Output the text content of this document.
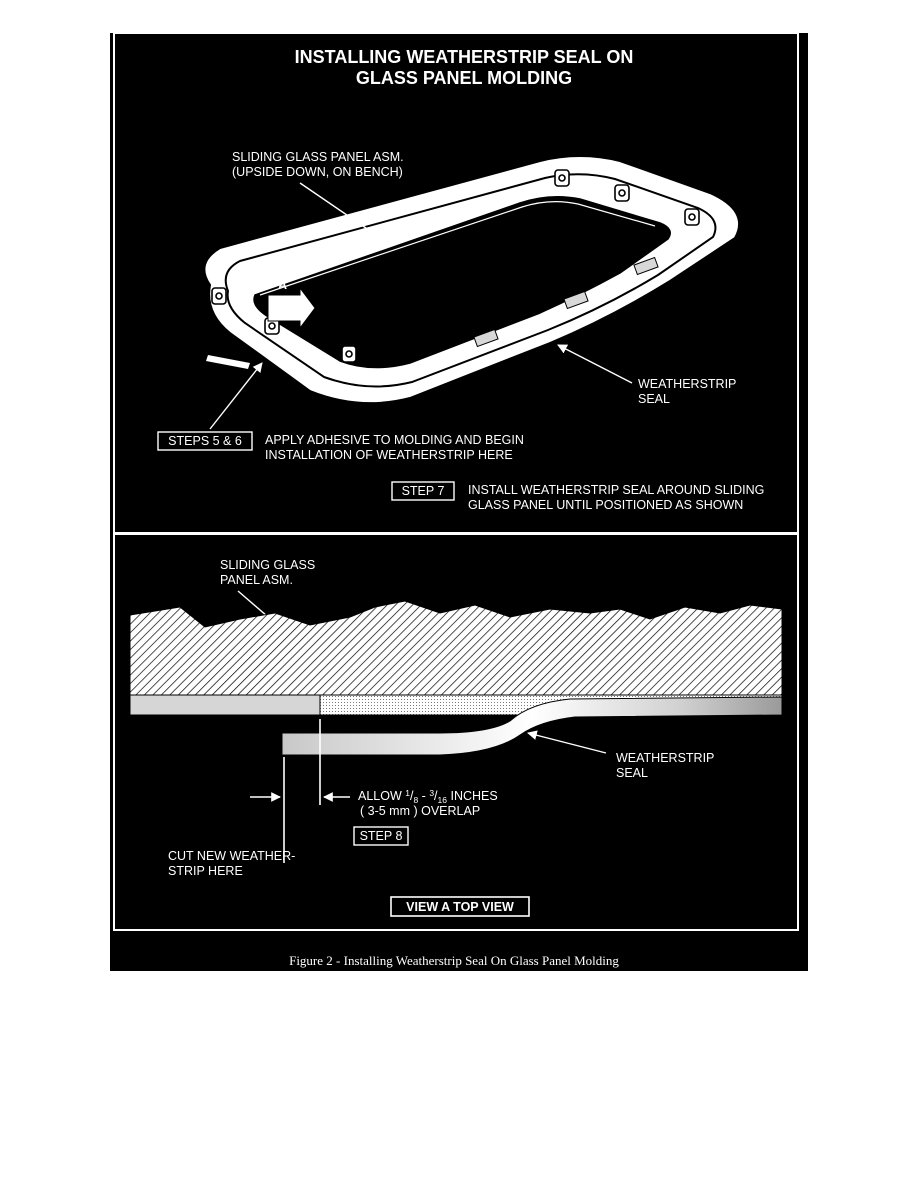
INSTALLING WEATHERSTRIP SEAL ON
GLASS PANEL MOLDING
A
SLIDING GLASS PANEL ASM.
(UPSIDE DOWN, ON BENCH)
WEATHERSTRIP
SEAL
STEPS 5 & 6 APPLY ADHESIVE TO MOLDING AND BEGIN
INSTALLATION OF WEATHERSTRIP HERE
STEP 7 INSTALL WEATHERSTRIP SEAL AROUND SLIDING
GLASS PANEL UNTIL POSITIONED AS SHOWN
SLIDING GLASS
PANEL ASM.
WEATHERSTRIP
SEAL
ALLOW $^1/_8 - ^3/_{16}$ INCHES
( 3-5 mm ) OVERLAP
STEP 8
CUT NEW WEATHER-
STRIP HERE
VIEW A TOP VIEW
Figure 2 - Installing Weatherstrip Seal On Glass Panel Molding
